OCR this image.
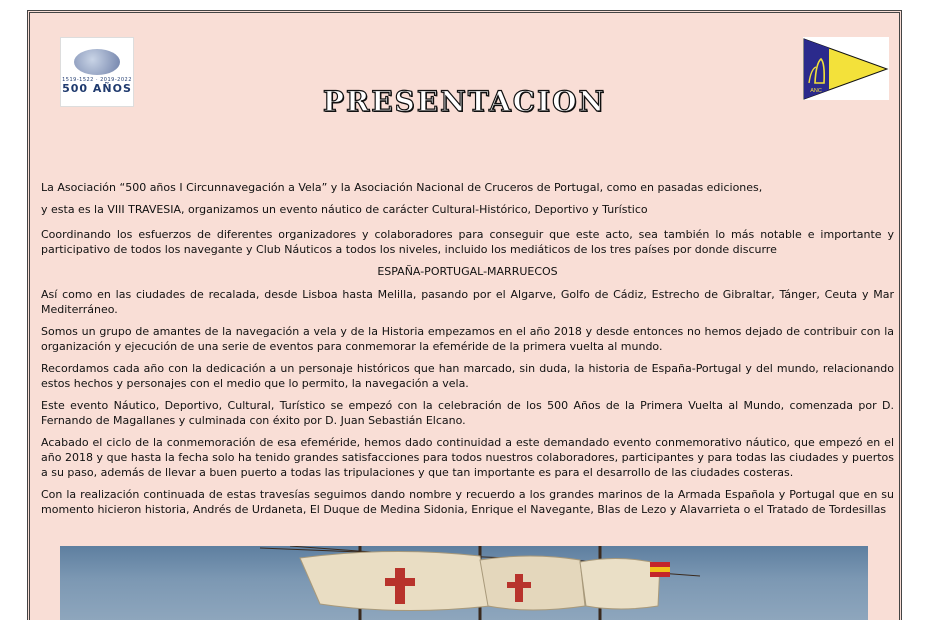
1519-1522 · 2019-2022
500 AÑOS	ANC
PRESENTACION

La Asociación “500 años I Circunnavegación a Vela” y la Asociación Nacional de Cruceros de Portugal, como en pasadas ediciones,

y esta es la VIII TRAVESIA, organizamos un evento náutico de carácter Cultural-Histórico, Deportivo y Turístico

Coordinando los esfuerzos de diferentes organizadores y colaboradores para conseguir que este acto, sea también lo más notable e importante y participativo de todos los navegante y Club Náuticos a todos los niveles, incluido los mediáticos de los tres países por donde discurre

ESPAÑA-PORTUGAL-MARRUECOS

Así como en las ciudades de recalada, desde Lisboa hasta Melilla, pasando por el Algarve, Golfo de Cádiz, Estrecho de Gibraltar, Tánger, Ceuta y Mar Mediterráneo.

Somos un grupo de amantes de la navegación a vela y de la Historia empezamos en el año 2018 y desde entonces no hemos dejado de contribuir con la organización y ejecución de una serie de eventos para conmemorar la efeméride de la primera vuelta al mundo.

Recordamos cada año con la dedicación a un personaje históricos que han marcado, sin duda, la historia de España-Portugal y del mundo, relacionando estos hechos y personajes con el medio que lo permito, la navegación a vela.

Este evento Náutico, Deportivo, Cultural, Turístico se empezó con la celebración de los 500 Años de la Primera Vuelta al Mundo, comenzada por D. Fernando de Magallanes y culminada con éxito por D. Juan Sebastián Elcano.

Acabado el ciclo de la conmemoración de esa efeméride, hemos dado continuidad a este demandado evento conmemorativo náutico, que empezó en el año 2018 y que hasta la fecha solo ha tenido grandes satisfacciones para todos nuestros colaboradores, participantes y para todas las ciudades y puertos a su paso, además de llevar a buen puerto a todas las tripulaciones y que tan importante es para el desarrollo de las ciudades costeras.

Con la realización continuada de estas travesías seguimos dando nombre y recuerdo a los grandes marinos de la Armada Española y Portugal que en su momento hicieron historia, Andrés de Urdaneta, El Duque de Medina Sidonia, Enrique el Navegante, Blas de Lezo y Alavarrieta o el Tratado de Tordesillas
